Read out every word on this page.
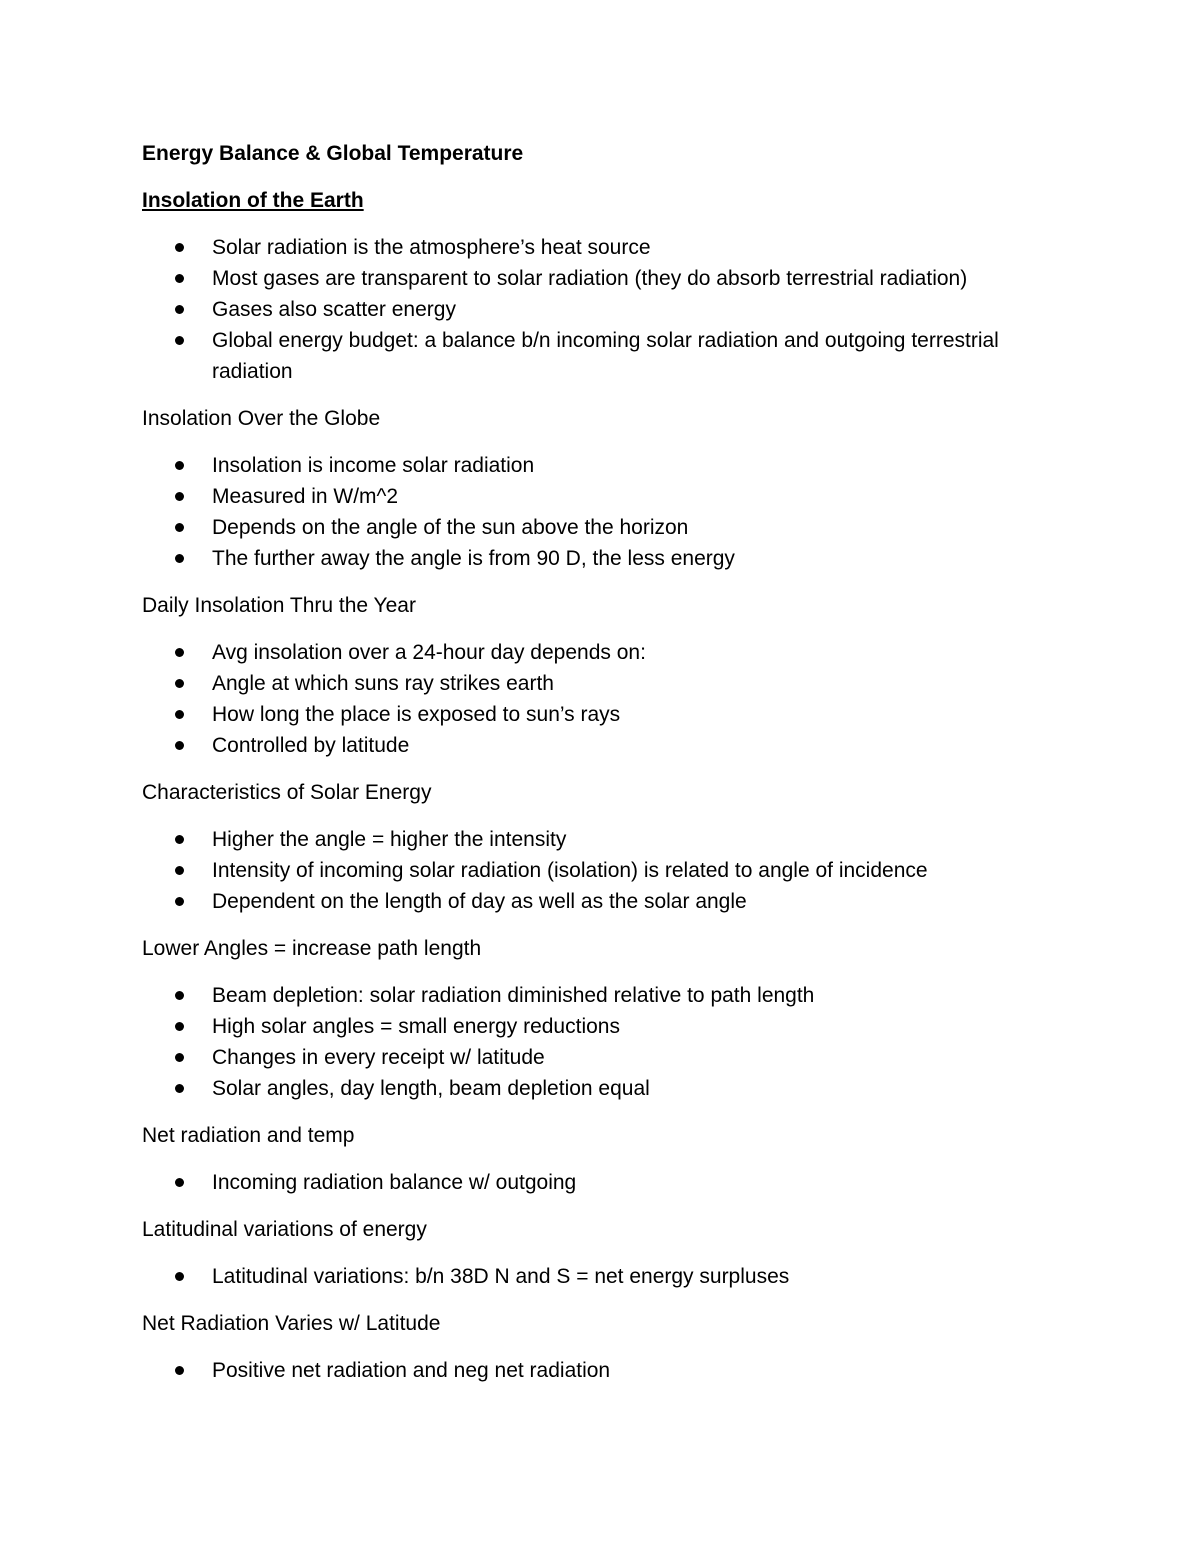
Energy Balance & Global Temperature
Insolation of the Earth
Solar radiation is the atmosphere’s heat source
Most gases are transparent to solar radiation (they do absorb terrestrial radiation)
Gases also scatter energy
Global energy budget: a balance b/n incoming solar radiation and outgoing terrestrial radiation
Insolation Over the Globe
Insolation is income solar radiation
Measured in W/m^2
Depends on the angle of the sun above the horizon
The further away the angle is from 90 D, the less energy
Daily Insolation Thru the Year
Avg insolation over a 24-hour day depends on:
Angle at which suns ray strikes earth
How long the place is exposed to sun’s rays
Controlled by latitude
Characteristics of Solar Energy
Higher the angle = higher the intensity
Intensity of incoming solar radiation (isolation) is related to angle of incidence
Dependent on the length of day as well as the solar angle
Lower Angles = increase path length
Beam depletion: solar radiation diminished relative to path length
High solar angles = small energy reductions
Changes in every receipt w/ latitude
Solar angles, day length, beam depletion equal
Net radiation and temp
Incoming radiation balance w/ outgoing
Latitudinal variations of energy
Latitudinal variations: b/n 38D N and S = net energy surpluses
Net Radiation Varies w/ Latitude
Positive net radiation and neg net radiation
